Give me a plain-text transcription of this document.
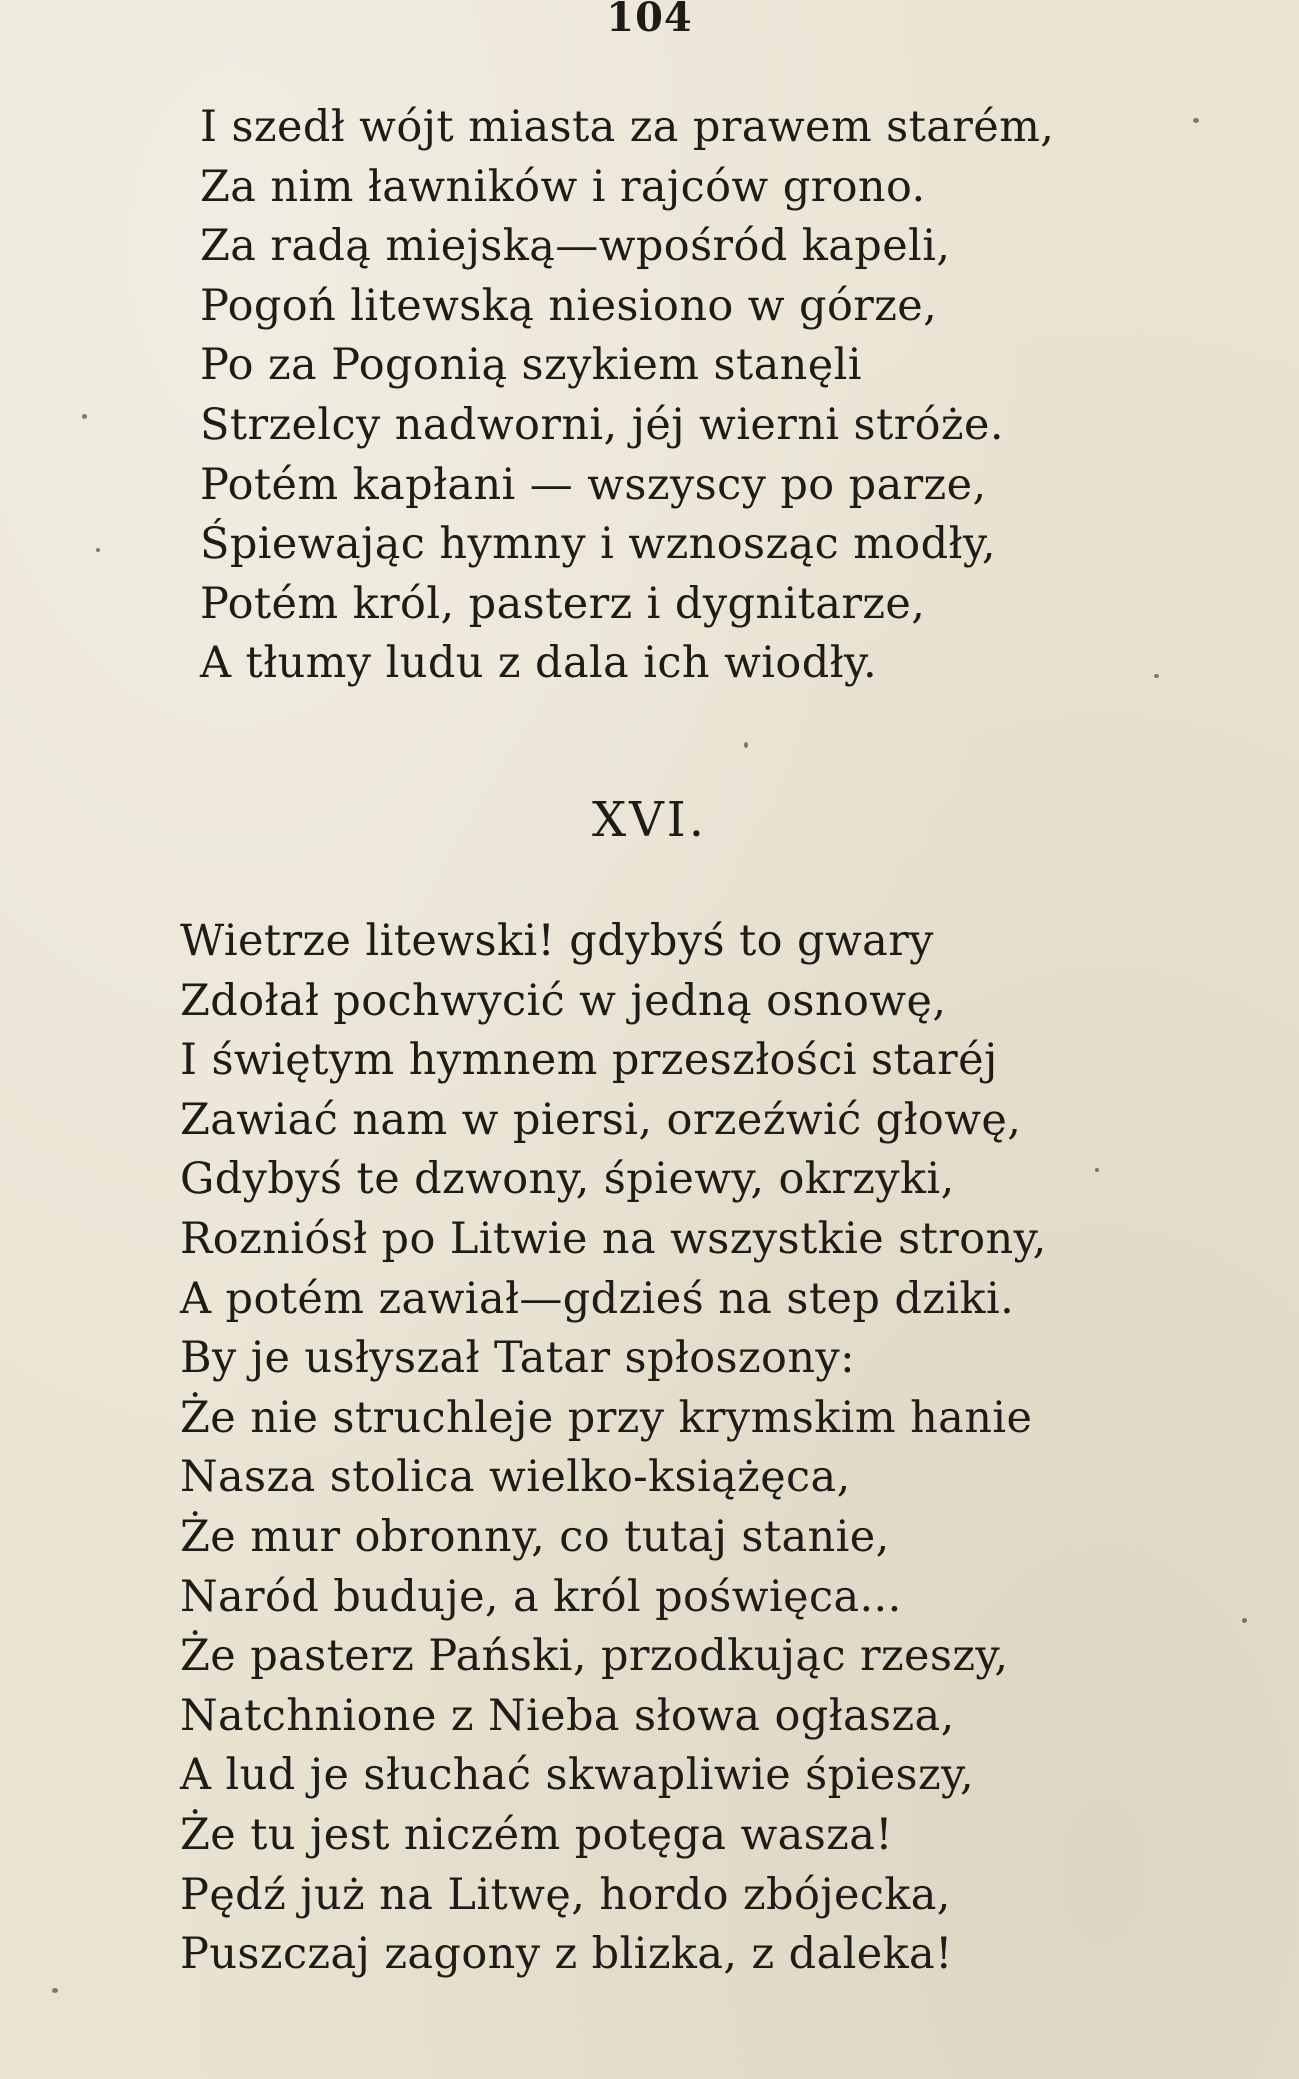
104
I szedł wójt miasta za prawem starém,
Za nim ławników i rajców grono.
Za radą miejską—wpośród kapeli,
Pogoń litewską niesiono w górze,
Po za Pogonią szykiem stanęli
Strzelcy nadworni, jéj wierni stróże.
Potém kapłani — wszyscy po parze,
Śpiewając hymny i wznosząc modły,
Potém król, pasterz i dygnitarze,
A tłumy ludu z dala ich wiodły.
XVI.
Wietrze litewski! gdybyś to gwary
Zdołał pochwycić w jedną osnowę,
I świętym hymnem przeszłości staréj
Zawiać nam w piersi, orzeźwić głowę,
Gdybyś te dzwony, śpiewy, okrzyki,
Rozniósł po Litwie na wszystkie strony,
A potém zawiał—gdzieś na step dziki.
By je usłyszał Tatar spłoszony:
Że nie struchleje przy krymskim hanie
Nasza stolica wielko-książęca,
Że mur obronny, co tutaj stanie,
Naród buduje, a król poświęca...
Że pasterz Pański, przodkując rzeszy,
Natchnione z Nieba słowa ogłasza,
A lud je słuchać skwapliwie śpieszy,
Że tu jest niczém potęga wasza!
Pędź już na Litwę, hordo zbójecka,
Puszczaj zagony z blizka, z daleka!
